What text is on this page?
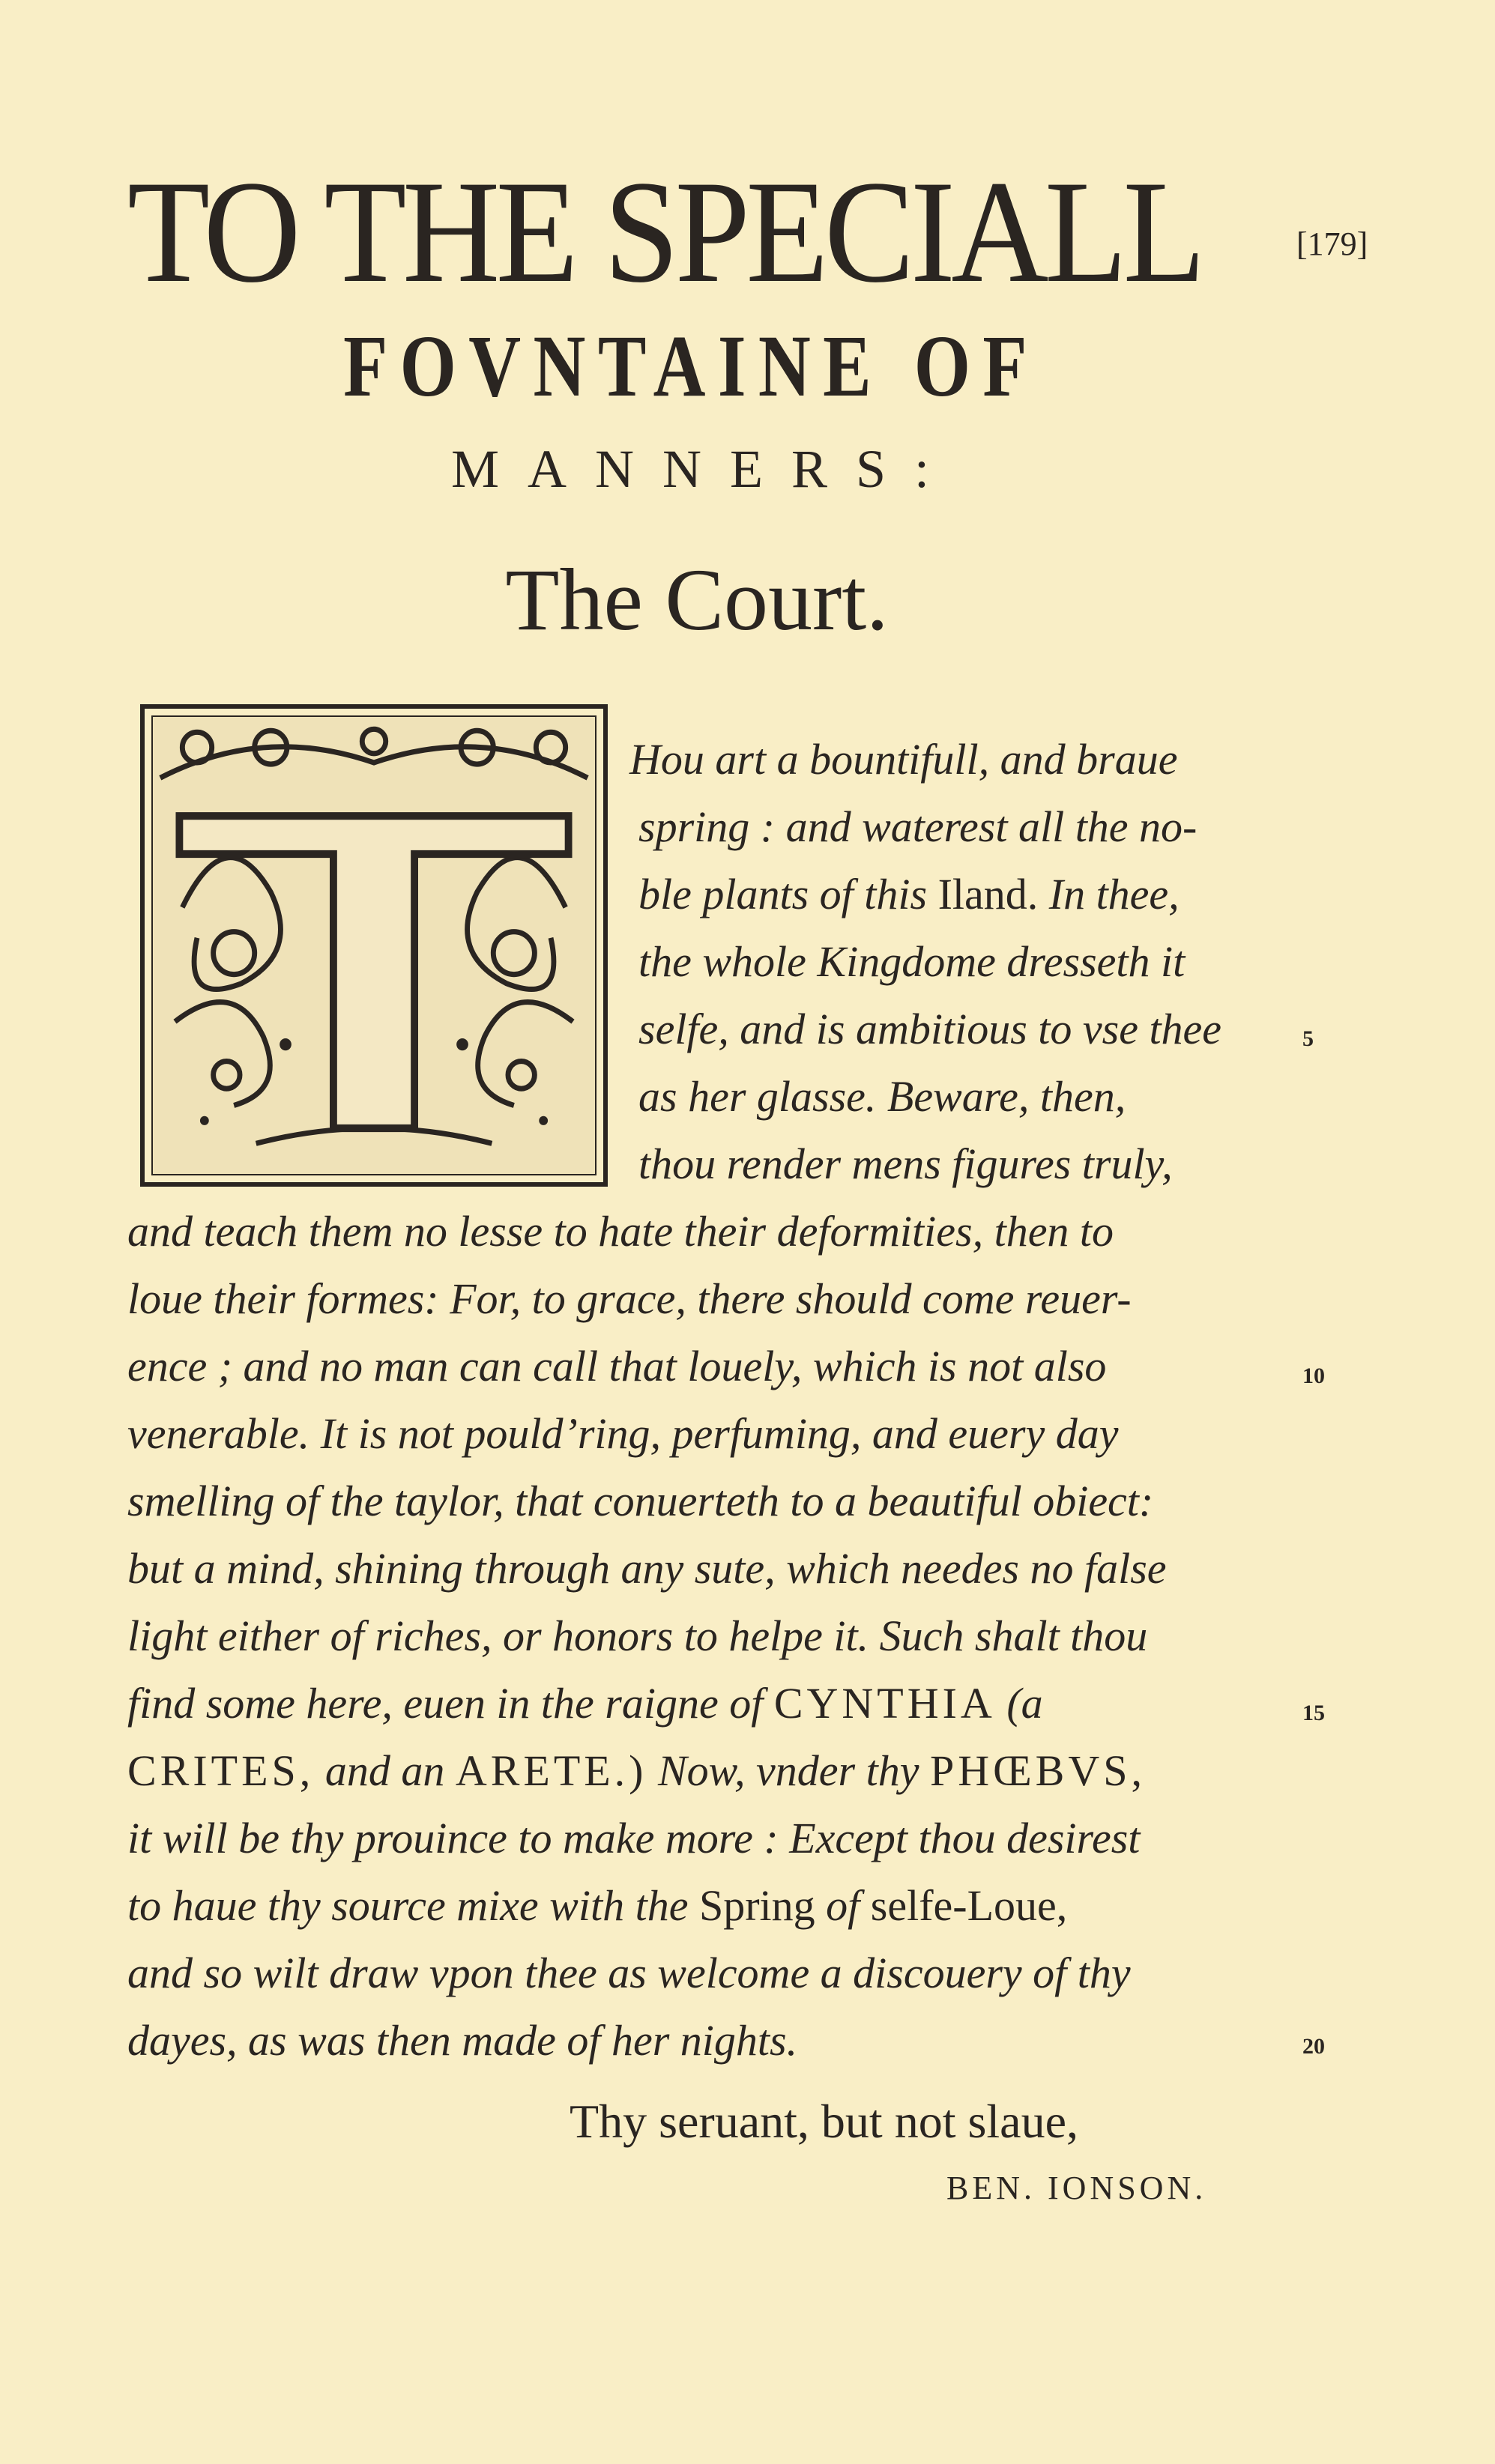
TO THE SPECIALL	[179]
FOVNTAINE OF
MANNERS:
The Court.
Hou art a bountifull, and braue
spring : and waterest all the no-
ble plants of this Iland. In thee,
the whole Kingdome dresseth it
selfe, and is ambitious to vse thee
as her glasse. Beware, then,
thou render mens figures truly,
and teach them no lesse to hate their deformities, then to
loue their formes: For, to grace, there should come reuer-
ence ; and no man can call that louely, which is not also
venerable. It is not pould’ring, perfuming, and euery day
smelling of the taylor, that conuerteth to a beautiful obiect:
but a mind, shining through any sute, which needes no false
light either of riches, or honors to helpe it. Such shalt thou
find some here, euen in the raigne of CYNTHIA (a
CRITES, and an ARETE.) Now, vnder thy PHŒBVS,
it will be thy prouince to make more : Except thou desirest
to haue thy source mixe with the Spring of selfe-Loue,
and so wilt draw vpon thee as welcome a discouery of thy
dayes, as was then made of her nights.
5
10
15
20
Thy seruant, but not slaue,
BEN. IONSON.
